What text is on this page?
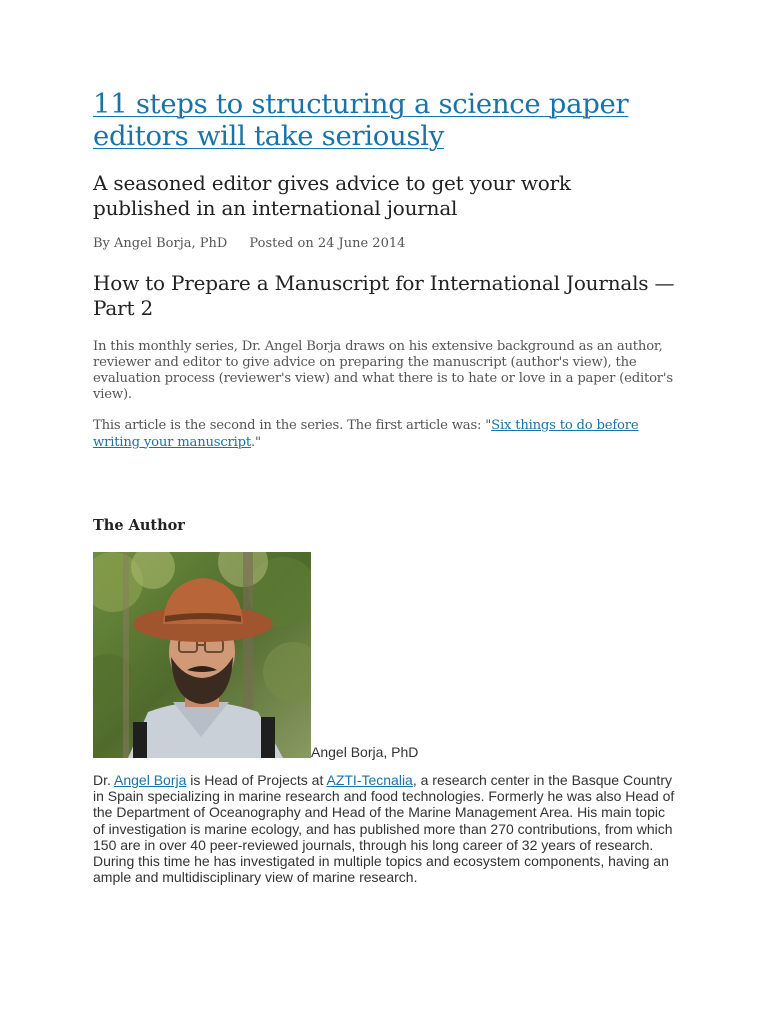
11 steps to structuring a science paper
editors will take seriously

A seasoned editor gives advice to get your work published in an international journal

By Angel Borja, PhD Posted on 24 June 2014
How to Prepare a Manuscript for International Journals — Part 2

In this monthly series, Dr. Angel Borja draws on his extensive background as an author, reviewer and editor to give advice on preparing the manuscript (author's view), the evaluation process (reviewer's view) and what there is to hate or love in a paper (editor's view).

This article is the second in the series. The first article was: "Six things to do before writing your manuscript."

The Author
Angel Borja, PhD

Dr. Angel Borja is Head of Projects at AZTI-Tecnalia, a research center in the Basque Country in Spain specializing in marine research and food technologies. Formerly he was also Head of the Department of Oceanography and Head of the Marine Management Area. His main topic of investigation is marine ecology, and has published more than 270 contributions, from which 150 are in over 40 peer-reviewed journals, through his long career of 32 years of research. During this time he has investigated in multiple topics and ecosystem components, having an ample and multidisciplinary view of marine research.
